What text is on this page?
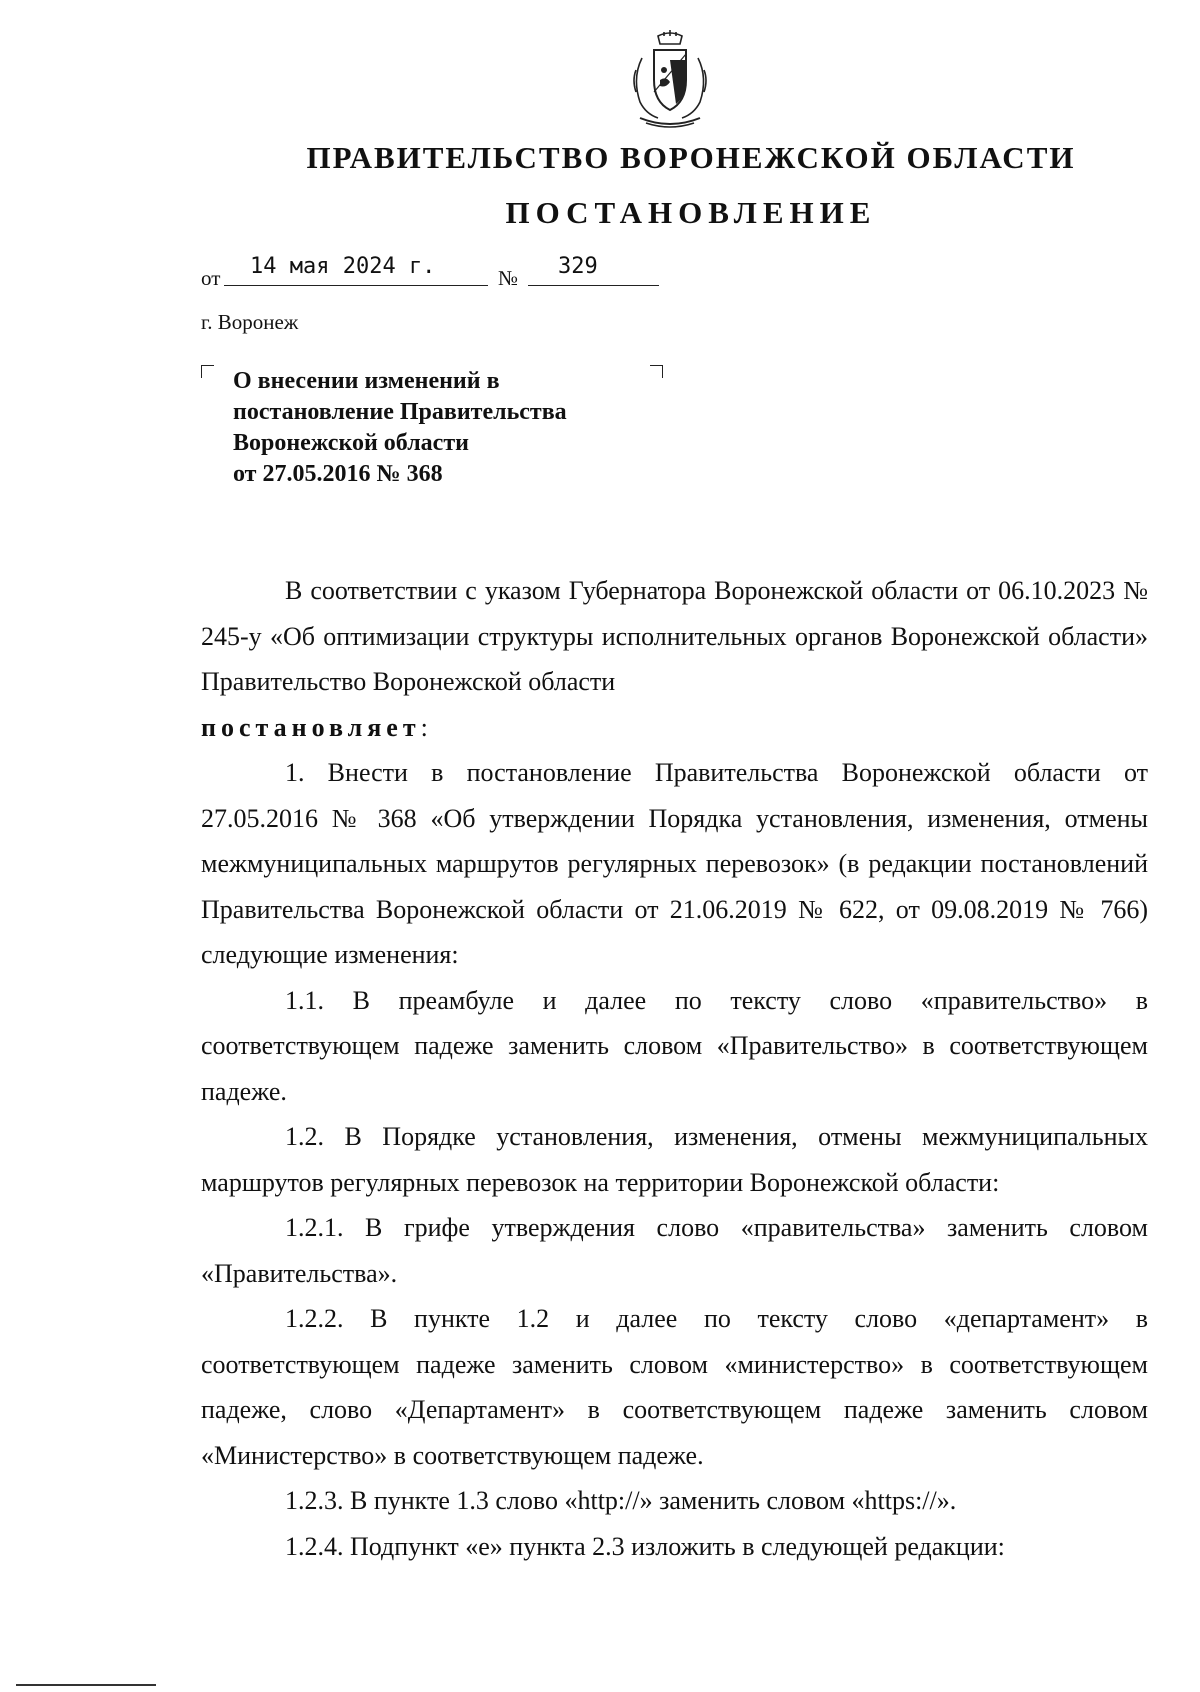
ПРАВИТЕЛЬСТВО ВОРОНЕЖСКОЙ ОБЛАСТИ
ПОСТАНОВЛЕНИЕ
от	14 мая 2024 г.	№	329
г. Воронеж
О внесении изменений в
постановление Правительства
Воронежской области
от 27.05.2016 № 368

В соответствии с указом Губернатора Воронежской области от 06.10.2023 № 245-у «Об оптимизации структуры исполнительных органов Воронежской области» Правительство Воронежской области

постановляет:

1. Внести в постановление Правительства Воронежской области от 27.05.2016 № 368 «Об утверждении Порядка установления, изменения, отмены межмуниципальных маршрутов регулярных перевозок» (в редакции постановлений Правительства Воронежской области от 21.06.2019 № 622, от 09.08.2019 № 766) следующие изменения:

1.1. В преамбуле и далее по тексту слово «правительство» в соответствующем падеже заменить словом «Правительство» в соответствующем падеже.

1.2. В Порядке установления, изменения, отмены межмуниципальных маршрутов регулярных перевозок на территории Воронежской области:

1.2.1. В грифе утверждения слово «правительства» заменить словом «Правительства».

1.2.2. В пункте 1.2 и далее по тексту слово «департамент» в соответствующем падеже заменить словом «министерство» в соответствующем падеже, слово «Департамент» в соответствующем падеже заменить словом «Министерство» в соответствующем падеже.

1.2.3. В пункте 1.3 слово «http://» заменить словом «https://».

1.2.4. Подпункт «е» пункта 2.3 изложить в следующей редакции:
